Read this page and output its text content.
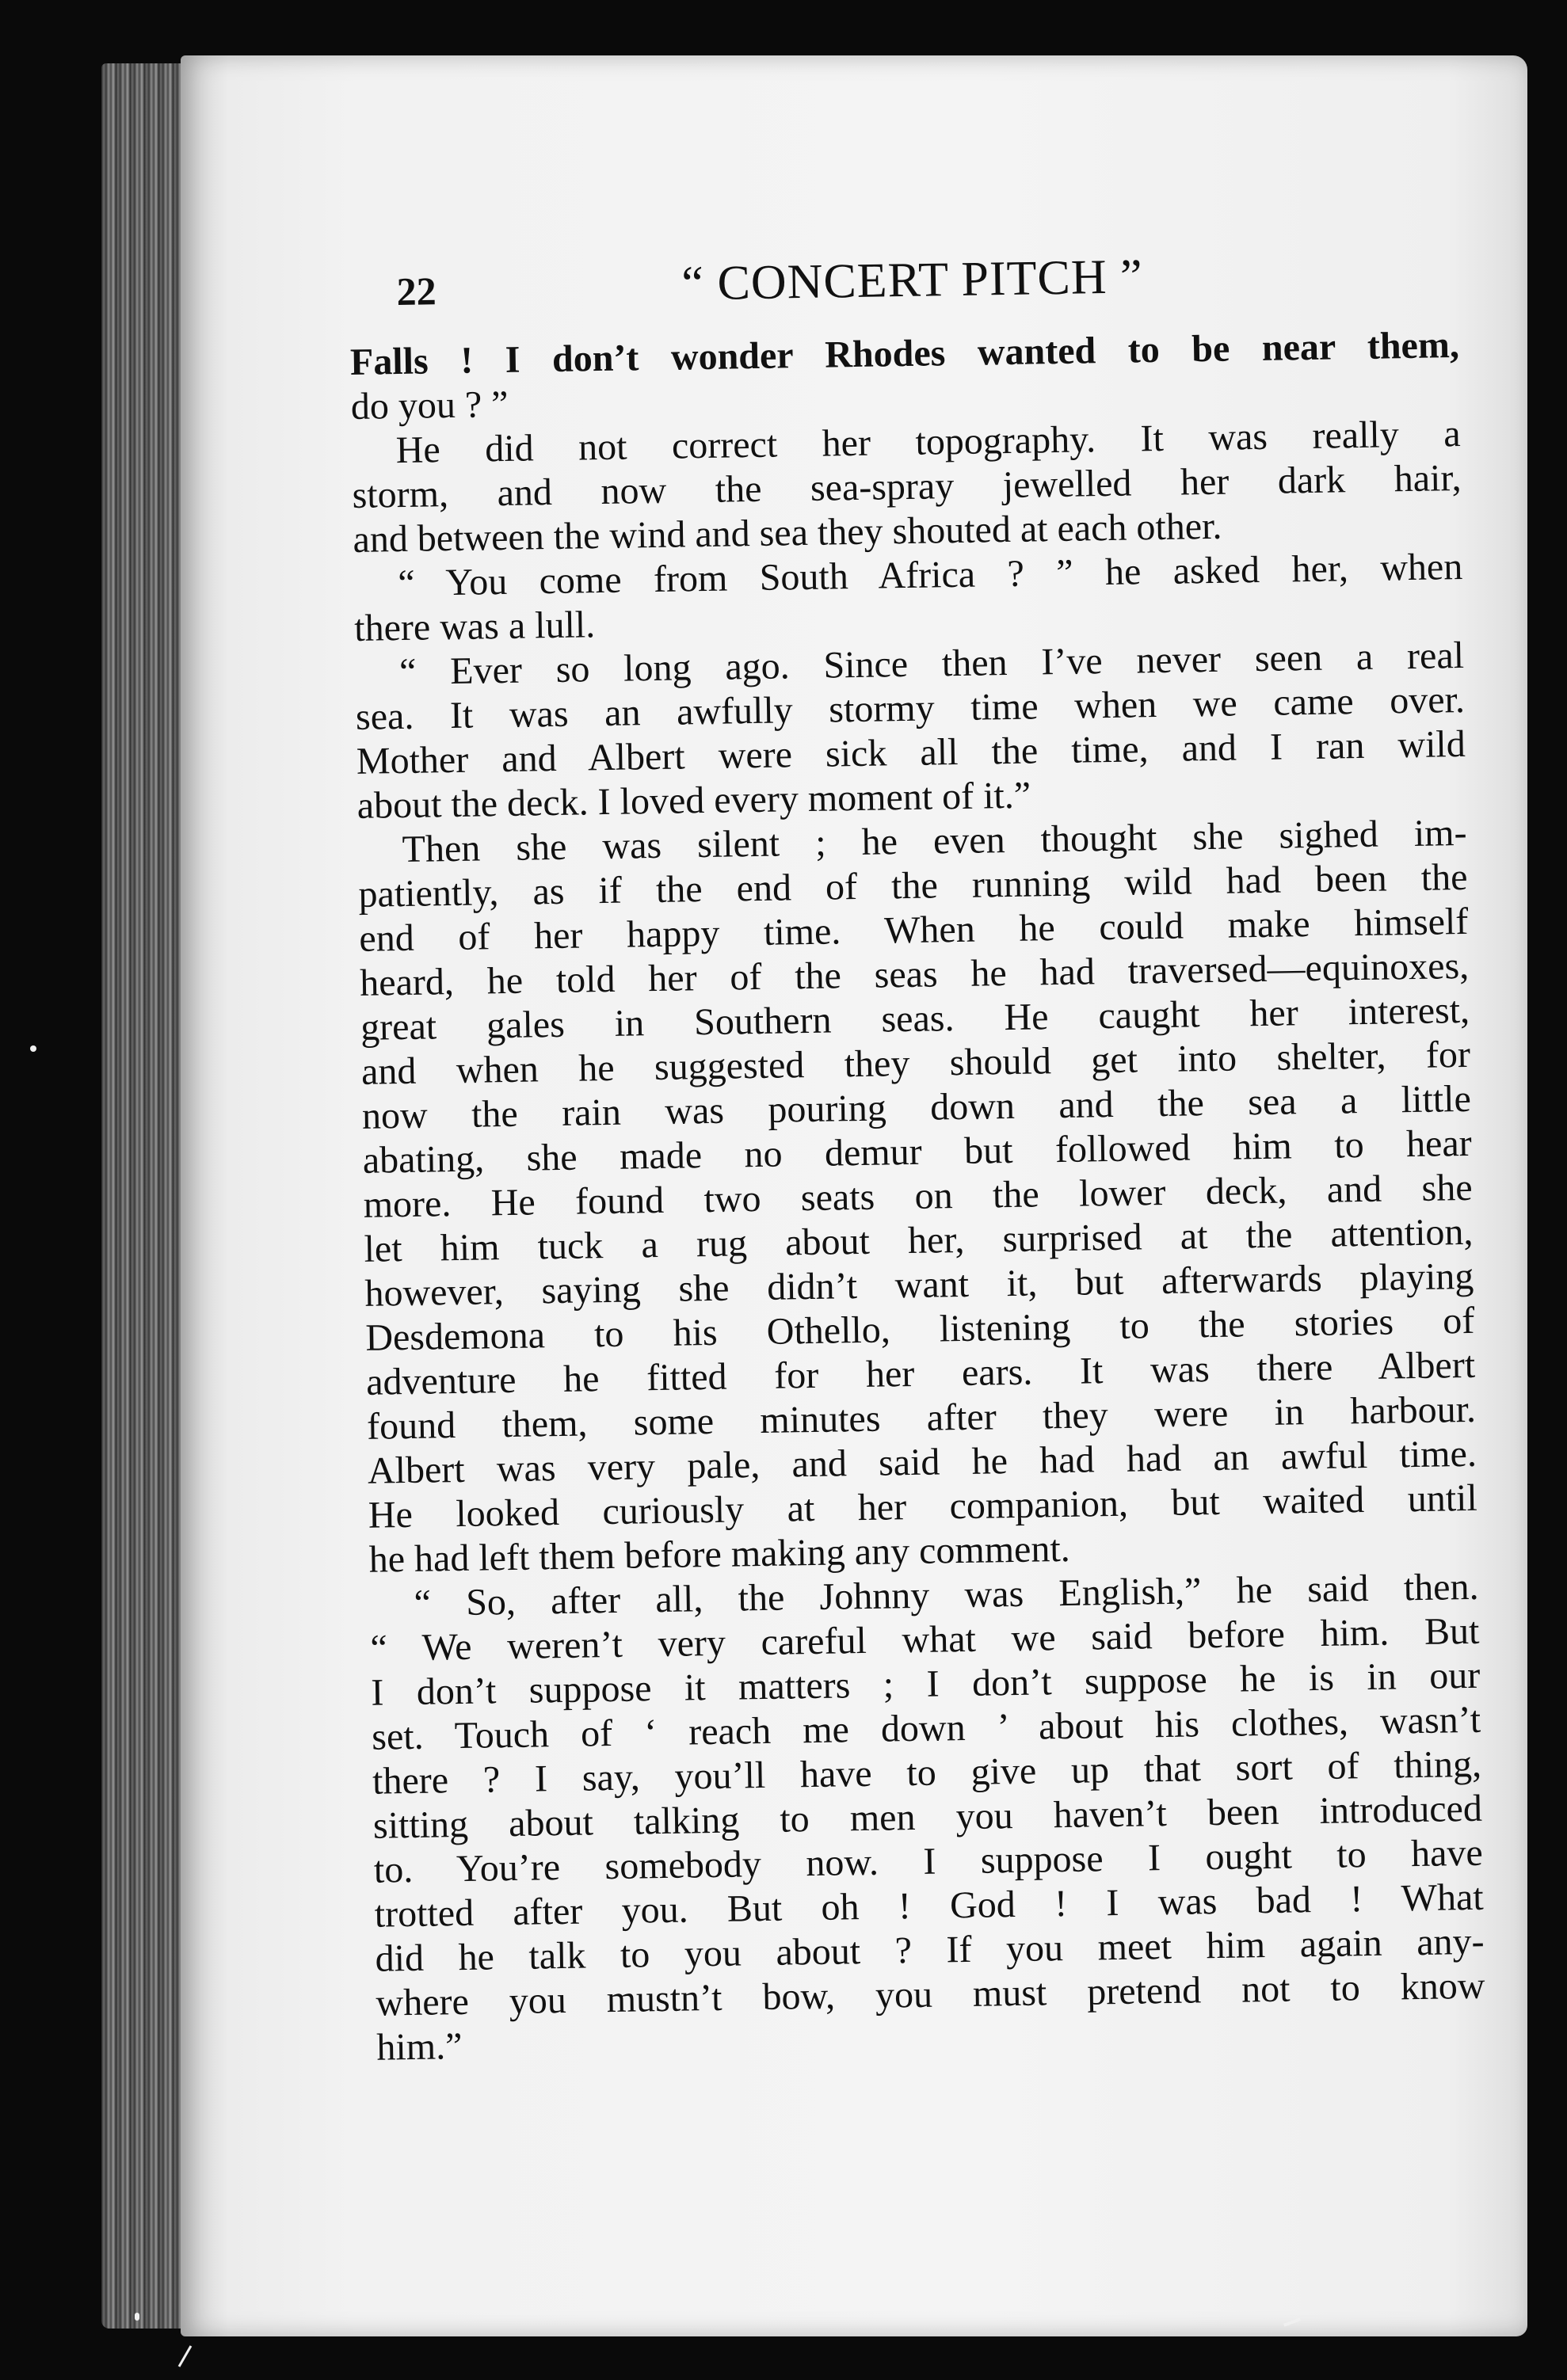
22	“ CONCERT PITCH ”
Falls ! I don’t wonder Rhodes wanted to be near them,
do you ? ”
He did not correct her topography. It was really a
storm, and now the sea-spray jewelled her dark hair,
and between the wind and sea they shouted at each other.
“ You come from South Africa ? ” he asked her, when
there was a lull.
“ Ever so long ago. Since then I’ve never seen a real
sea. It was an awfully stormy time when we came over.
Mother and Albert were sick all the time, and I ran wild
about the deck. I loved every moment of it.”
Then she was silent ; he even thought she sighed im-
patiently, as if the end of the running wild had been the
end of her happy time. When he could make himself
heard, he told her of the seas he had traversed—equinoxes,
great gales in Southern seas. He caught her interest,
and when he suggested they should get into shelter, for
now the rain was pouring down and the sea a little
abating, she made no demur but followed him to hear
more. He found two seats on the lower deck, and she
let him tuck a rug about her, surprised at the attention,
however, saying she didn’t want it, but afterwards playing
Desdemona to his Othello, listening to the stories of
adventure he fitted for her ears. It was there Albert
found them, some minutes after they were in harbour.
Albert was very pale, and said he had had an awful time.
He looked curiously at her companion, but waited until
he had left them before making any comment.
“ So, after all, the Johnny was English,” he said then.
“ We weren’t very careful what we said before him. But
I don’t suppose it matters ; I don’t suppose he is in our
set. Touch of ‘ reach me down ’ about his clothes, wasn’t
there ? I say, you’ll have to give up that sort of thing,
sitting about talking to men you haven’t been introduced
to. You’re somebody now. I suppose I ought to have
trotted after you. But oh ! God ! I was bad ! What
did he talk to you about ? If you meet him again any-
where you mustn’t bow, you must pretend not to know
him.”
